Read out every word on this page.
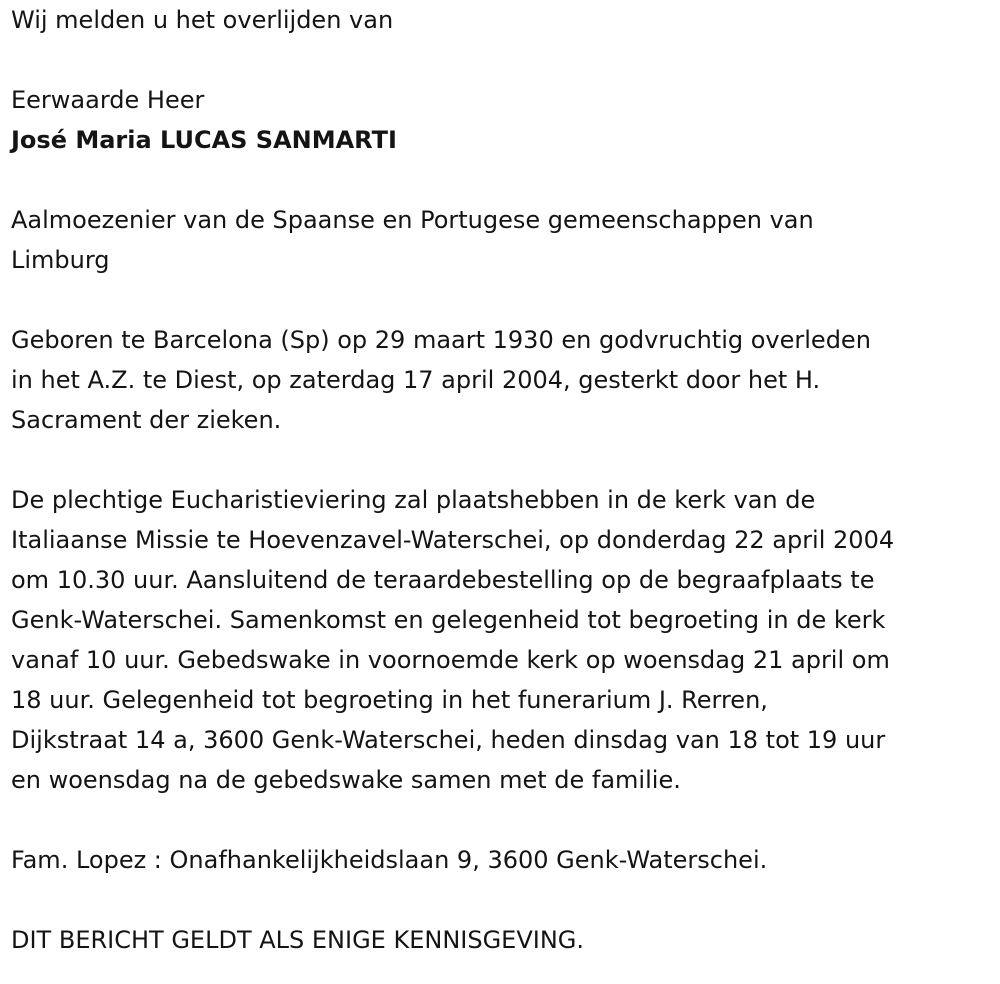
Wij melden u het overlijden van

Eerwaarde Heer

José Maria LUCAS SANMARTI

Aalmoezenier van de Spaanse en Portugese gemeenschappen van

Limburg

Geboren te Barcelona (Sp) op 29 maart 1930 en godvruchtig overleden

in het A.Z. te Diest, op zaterdag 17 april 2004, gesterkt door het H.

Sacrament der zieken.

De plechtige Eucharistieviering zal plaatshebben in de kerk van de

Italiaanse Missie te Hoevenzavel-Waterschei, op donderdag 22 april 2004

om 10.30 uur. Aansluitend de teraardebestelling op de begraafplaats te

Genk-Waterschei. Samenkomst en gelegenheid tot begroeting in de kerk

vanaf 10 uur. Gebedswake in voornoemde kerk op woensdag 21 april om

18 uur. Gelegenheid tot begroeting in het funerarium J. Rerren,

Dijkstraat 14 a, 3600 Genk-Waterschei, heden dinsdag van 18 tot 19 uur

en woensdag na de gebedswake samen met de familie.

Fam. Lopez : Onafhankelijkheidslaan 9, 3600 Genk-Waterschei.

DIT BERICHT GELDT ALS ENIGE KENNISGEVING.
